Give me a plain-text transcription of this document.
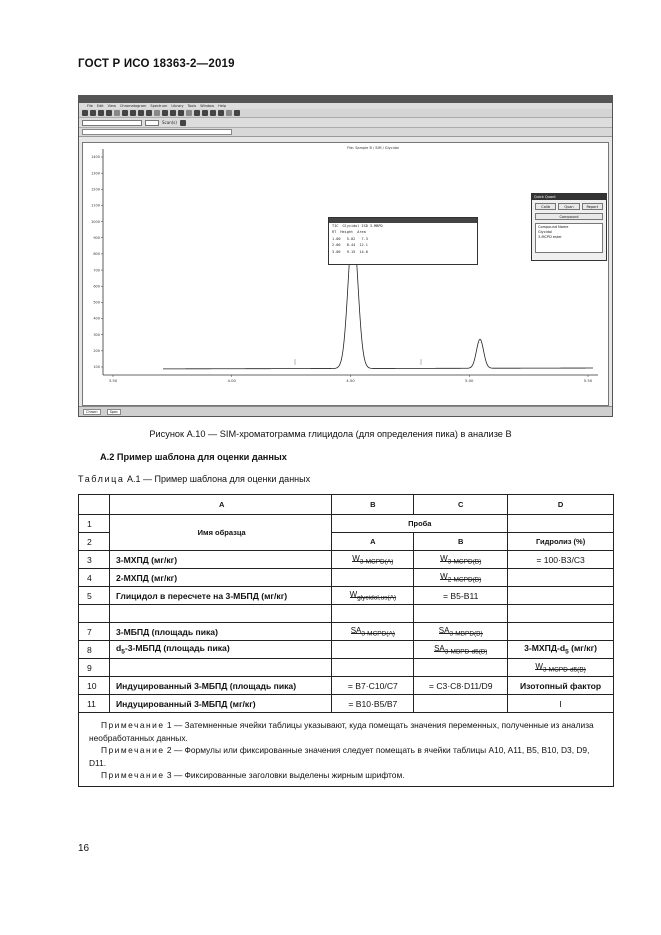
ГОСТ Р ИСО 18363-2—2019
File Edit View Chromatogram Spectrum Library Tools Window Help
Scan(s)
1400
1300
1200
1100
1000
900
800
700
600
500
400
300
200
100
3.50	4.00	4.50	5.00	5.50
File: Sample B / SIM / Glycidol
TIC  Glycidol ISD 3-MBPD
RT  Height  Area
1.00   5.02   7.3
2.00   8.44  12.1
3.00   9.15  14.0
Quick Quant
Calib	Quan	Report
Compound
Compound Name
Glycidol
3-MCPD ester
Chrom	Spec
Рисунок А.10 — SIM-хроматограмма глицидола (для определения пика) в анализе B
А.2 Пример шаблона для оценки данных
Таблица А.1 — Пример шаблона для оценки данных
	A	B	C	D
1	Имя образца	Проба		
2		A	B	Гидролиз (%)
3	3-МХПД (мг/кг)	$W_{3-MCPD(A)}$	$W_{3-MCPD(B)}$	= 100·B3/C3
4	2-МХПД (мг/кг)		$W_{2-MCPD(B)}$	
5	Глицидол в пересчете на 3-МБПД (мг/кг)	$W_{glycidol,us(A)}$	= B5-B11	

7	3-МБПД (площадь пика)	$SA_{3-MCPD(A)}$	$SA_{3-MBPD(B)}$	
8	$d_5-3$-МБПД (площадь пика)		$SA_{3-MBPD-d5(B)}$	$3-МХПД-d_5$ (мг/кг)
9				$W_{3-MCPD-d5(B)}$
10	Индуцированный 3-МБПД (площадь пика)	= B7·C10/C7	= C3·C8·D11/D9	Изотопный фактор
11	Индуцированный 3-МБПД (мг/кг)	= B10·B5/B7		I

Примечание 1 — Затемненные ячейки таблицы указывают, куда помещать значения переменных, полученные из анализа необработанных данных.
Примечание 2 — Формулы или фиксированные значения следует помещать в ячейки таблицы A10, A11, B5, B10, D3, D9, D11.
Примечание 3 — Фиксированные заголовки выделены жирным шрифтом.				
16
